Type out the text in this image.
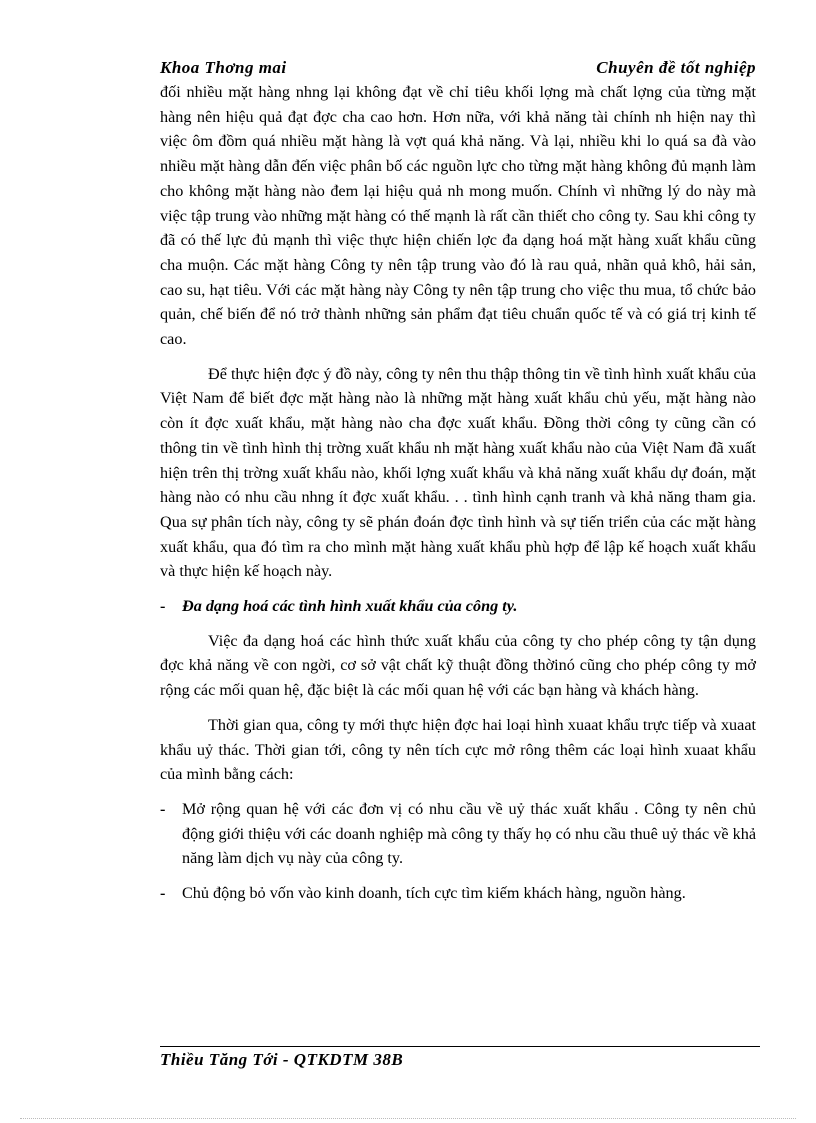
Khoa Thơng mai	Chuyên đề tốt nghiệp

đối nhiều mặt hàng nhng lại không đạt về chỉ tiêu khối lợng mà chất lợng của từng mặt hàng nên hiệu quả đạt đợc cha cao hơn. Hơn nữa, với khả năng tài chính nh hiện nay thì việc ôm đồm quá nhiều mặt hàng là vợt quá khả năng. Và lại, nhiều khi lo quá sa đà vào nhiều mặt hàng dẫn đến việc phân bố các nguồn lực cho từng mặt hàng không đủ mạnh làm cho không mặt hàng nào đem lại hiệu quả nh mong muốn. Chính vì những lý do này mà việc tập trung vào những mặt hàng có thế mạnh là rất cần thiết cho công ty. Sau khi công ty đã có thế lực đủ mạnh thì việc thực hiện chiến lợc đa dạng hoá mặt hàng xuất khẩu cũng cha muộn. Các mặt hàng Công ty nên tập trung vào đó là rau quả, nhãn quả khô, hải sản, cao su, hạt tiêu. Với các mặt hàng này Công ty nên tập trung cho việc thu mua, tổ chức bảo quản, chế biến để nó trở thành những sản phẩm đạt tiêu chuẩn quốc tế và có giá trị kinh tế cao.

Để thực hiện đợc ý đồ này, công ty nên thu thập thông tin về tình hình xuất khẩu của Việt Nam để biết đợc mặt hàng nào là những mặt hàng xuất khẩu chủ yếu, mặt hàng nào còn ít đợc xuất khẩu, mặt hàng nào cha đợc xuất khẩu. Đồng thời công ty cũng cần có thông tin về tình hình thị trờng xuất khẩu nh mặt hàng xuất khẩu nào của Việt Nam đã xuất hiện trên thị trờng xuất khẩu nào, khối lợng xuất khẩu và khả năng xuất khẩu dự đoán, mặt hàng nào có nhu cầu nhng ít đợc xuất khẩu. . . tình hình cạnh tranh và khả năng tham gia. Qua sự phân tích này, công ty sẽ phán đoán đợc tình hình và sự tiến triển của các mặt hàng xuất khẩu, qua đó tìm ra cho mình mặt hàng xuất khẩu phù hợp để lập kế hoạch xuất khẩu và thực hiện kế hoạch này.

- Đa dạng hoá các tình hình xuất khẩu của công ty.

Việc đa dạng hoá các hình thức xuất khẩu của công ty cho phép công ty tận dụng đợc khả năng về con ngời, cơ sở vật chất kỹ thuật đồng thờinó cũng cho phép công ty mở rộng các mối quan hệ, đặc biệt là các mối quan hệ với các bạn hàng và khách hàng.

Thời gian qua, công ty mới thực hiện đợc hai loại hình xuaat khẩu trực tiếp và xuaat khẩu uỷ thác. Thời gian tới, công ty nên tích cực mở rông thêm các loại hình xuaat khẩu của mình bằng cách:

- Mở rộng quan hệ với các đơn vị có nhu cầu về uỷ thác xuất khẩu . Công ty nên chủ động giới thiệu với các doanh nghiệp mà công ty thấy họ có nhu cầu thuê uỷ thác về khả năng làm dịch vụ này của công ty.

- Chủ động bỏ vốn vào kinh doanh, tích cực tìm kiếm khách hàng, nguồn hàng.

Thiều Tăng Tới - QTKDTM 38B
